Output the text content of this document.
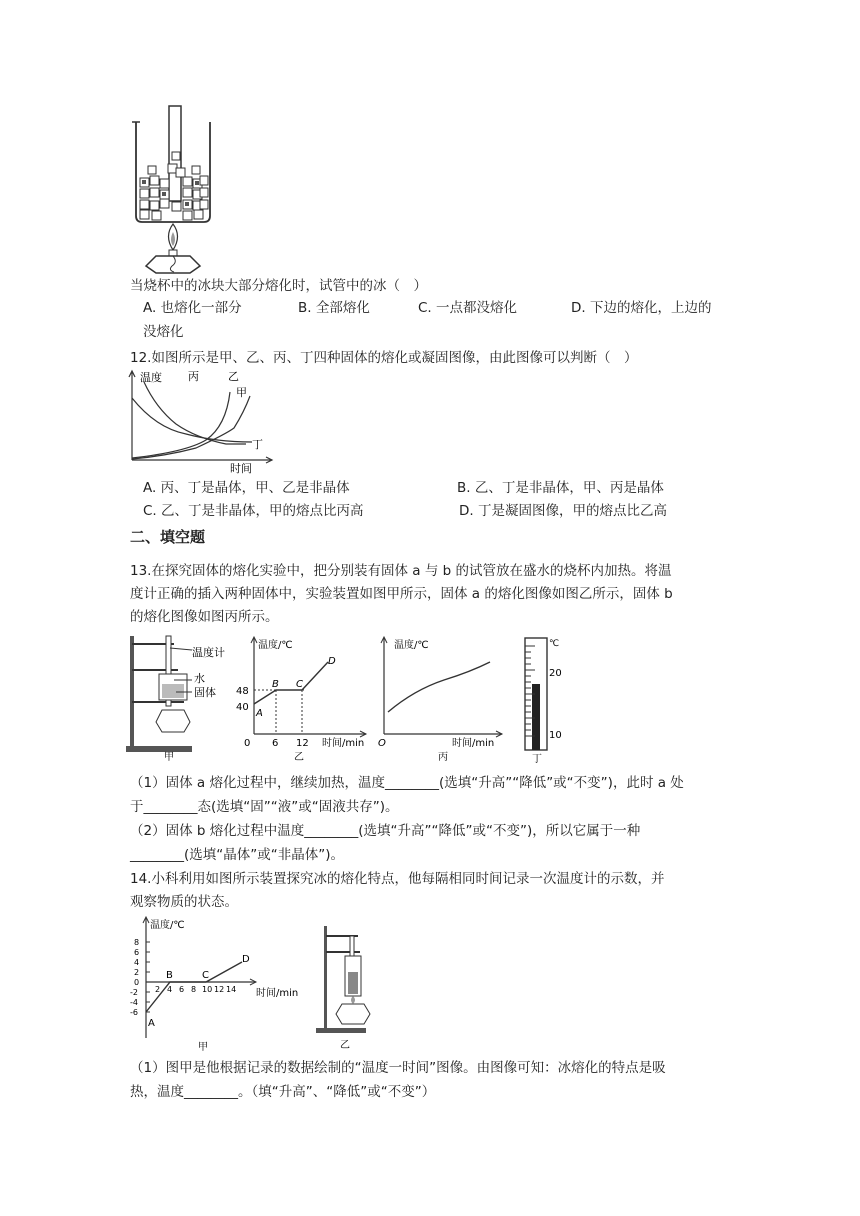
当烧杯中的冰块大部分熔化时，试管中的冰（　）
A. 也熔化一部分	B. 全部熔化	C. 一点都没熔化	D. 下边的熔化，上边的
没熔化
12.如图所示是甲、乙、丙、丁四种固体的熔化或凝固图像，由此图像可以判断（　）
温度 丙	乙
甲
丁
时间
A. 丙、丁是晶体，甲、乙是非晶体	B. 乙、丁是非晶体，甲、丙是晶体
C. 乙、丁是非晶体，甲的熔点比丙高	D. 丁是凝固图像，甲的熔点比乙高
二、填空题
13.在探究固体的熔化实验中，把分别装有固体 a 与 b 的试管放在盛水的烧杯内加热。将温
度计正确的插入两种固体中，实验装置如图甲所示，固体 a 的熔化图像如图乙所示，固体 b
的熔化图像如图丙所示。
温度计
水
固体
甲
温度/℃
48
40
0 6 12 时间/min
A
B C
D
乙
温度/℃
O	时间/min
丙
℃
20
10
丁
（1）固体 a 熔化过程中，继续加热，温度________(选填“升高”“降低”或“不变”)，此时 a 处
于________态(选填“固”“液”或“固液共存”)。
（2）固体 b 熔化过程中温度________(选填“升高”“降低”或“不变”)，所以它属于一种
________(选填“晶体”或“非晶体”)。
14.小科利用如图所示装置探究冰的熔化特点，他每隔相同时间记录一次温度计的示数，并
观察物质的状态。
温度/℃
8
6
4
2
0
-2
-4
-6
2 4 6 8 10 12 14 时间/min
A
B	C
D
甲	乙
（1）图甲是他根据记录的数据绘制的“温度一时间”图像。由图像可知：冰熔化的特点是吸
热，温度________。（填“升高”、“降低”或“不变”）
